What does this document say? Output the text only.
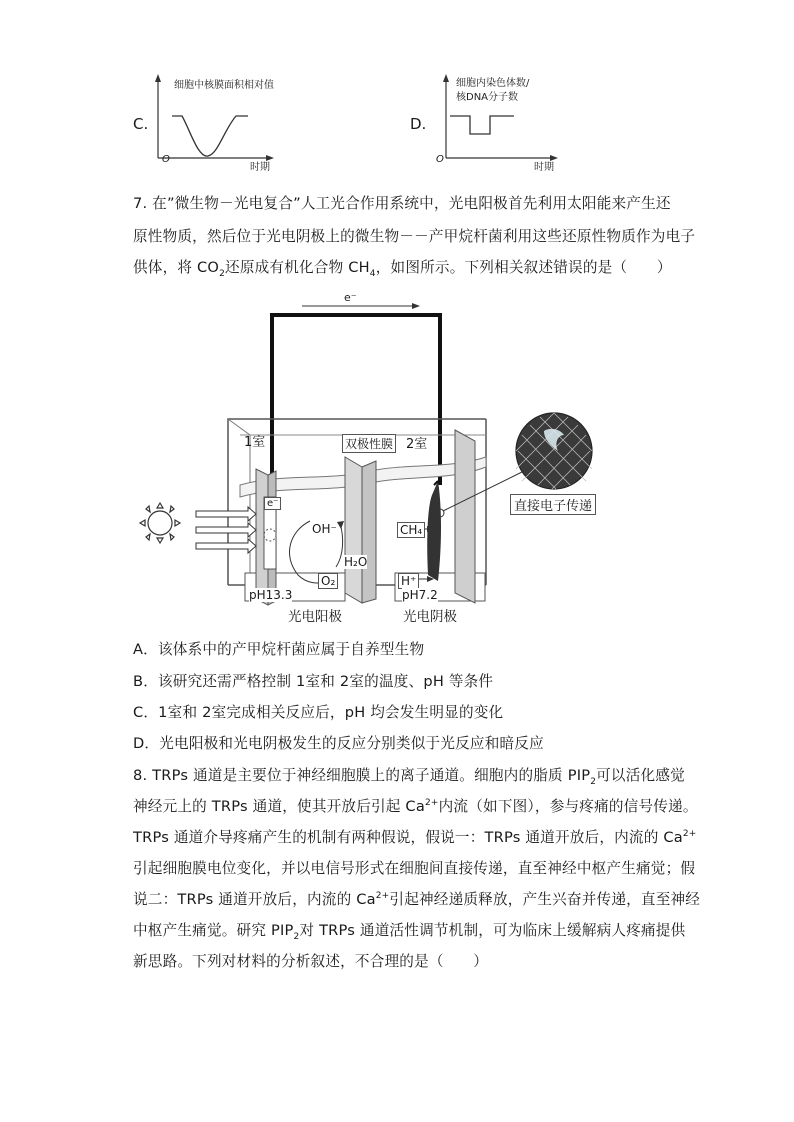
C.
细胞中核膜面积相对值
时期
O
D.
细胞内染色体数/
核DNA分子数
时期
O
7. 在”微生物－光电复合”人工光合作用系统中，光电阳极首先利用太阳能来产生还
原性物质，然后位于光电阴极上的微生物－－产甲烷杆菌利用这些还原性物质作为电子
供体，将 $CO_2$还原成有机化合物 $CH_4$，如图所示。下列相关叙述错误的是（　　）
e⁻
1室	双极性膜 2室
直接电子传递
e⁻
OH⁻
H₂O
O₂
CH₄
H⁺
pH13.3	pH7.2
光电阳极	光电阴极
A．该体系中的产甲烷杆菌应属于自养型生物
B．该研究还需严格控制 1室和 2室的温度、pH 等条件
C．1室和 2室完成相关反应后，pH 均会发生明显的变化
D．光电阳极和光电阴极发生的反应分别类似于光反应和暗反应
8. TRPs 通道是主要位于神经细胞膜上的离子通道。细胞内的脂质 $PIP_2$可以活化感觉
神经元上的 TRPs 通道，使其开放后引起 $Ca^{2+}$内流（如下图），参与疼痛的信号传递。
TRPs 通道介导疼痛产生的机制有两种假说，假说一：TRPs 通道开放后，内流的 $Ca^{2+}$
引起细胞膜电位变化，并以电信号形式在细胞间直接传递，直至神经中枢产生痛觉；假
说二：TRPs 通道开放后，内流的 $Ca^{2+}$引起神经递质释放，产生兴奋并传递，直至神经
中枢产生痛觉。研究 $PIP_2$对 TRPs 通道活性调节机制，可为临床上缓解病人疼痛提供
新思路。下列对材料的分析叙述，不合理的是（　　）
